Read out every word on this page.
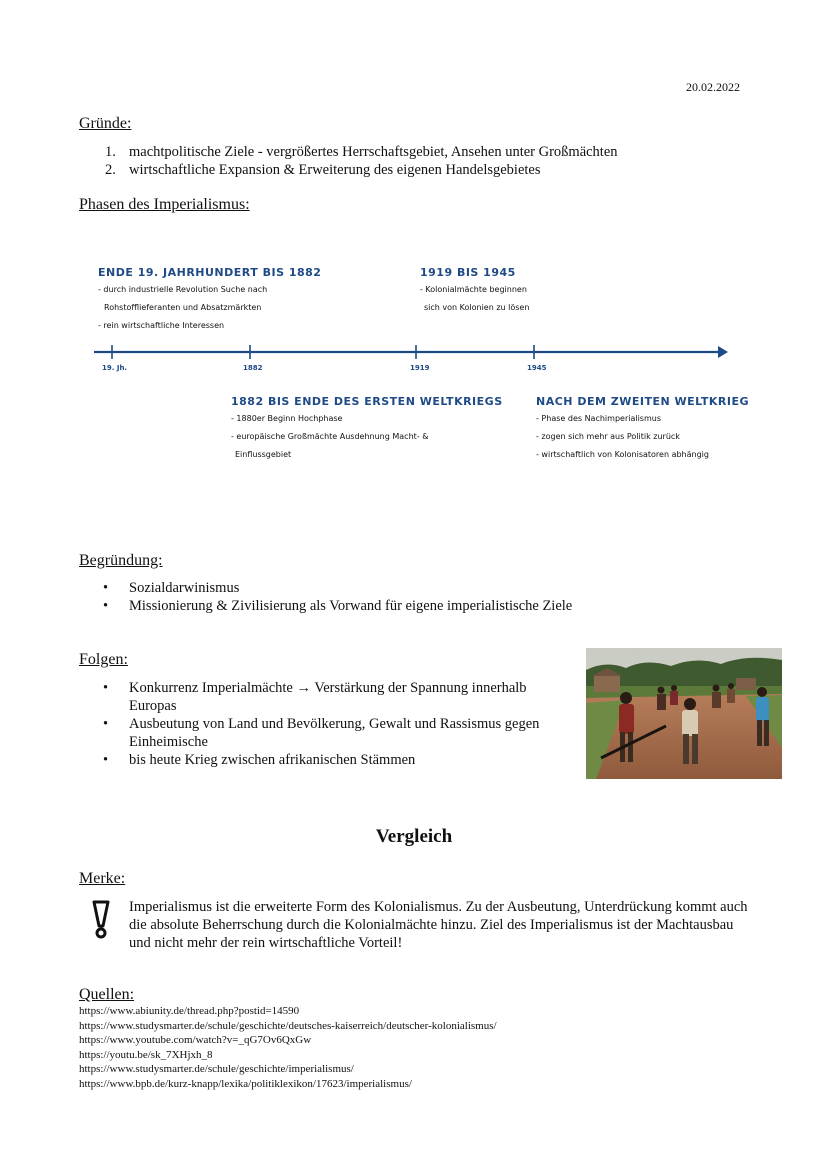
20.02.2022
Gründe:
1. machtpolitische Ziele - vergrößertes Herrschaftsgebiet, Ansehen unter Großmächten
2. wirtschaftliche Expansion & Erweiterung des eigenen Handelsgebietes
Phasen des Imperialismus:
ENDE 19. JAHRHUNDERT BIS 1882
- durch industrielle Revolution Suche nach
Rohstofflieferanten und Absatzmärkten
- rein wirtschaftliche Interessen
1919 BIS 1945
- Kolonialmächte beginnen
sich von Kolonien zu lösen
19. Jh.	1882	1919	1945
1882 BIS ENDE DES ERSTEN WELTKRIEGS
- 1880er Beginn Hochphase
- europäische Großmächte Ausdehnung Macht- &
Einflussgebiet
NACH DEM ZWEITEN WELTKRIEG
- Phase des Nachimperialismus
- zogen sich mehr aus Politik zurück
- wirtschaftlich von Kolonisatoren abhängig
Begründung:
• Sozialdarwinismus
• Missionierung & Zivilisierung als Vorwand für eigene imperialistische Ziele
Folgen:
• Konkurrenz Imperialmächte → Verstärkung der Spannung innerhalb Europas
• Ausbeutung von Land und Bevölkerung, Gewalt und Rassismus gegen Einheimische
• bis heute Krieg zwischen afrikanischen Stämmen
Vergleich
Merke:
Imperialismus ist die erweiterte Form des Kolonialismus. Zu der Ausbeutung, Unterdrückung kommt auch die absolute Beherrschung durch die Kolonialmächte hinzu. Ziel des Imperialismus ist der Machtausbau und nicht mehr der rein wirtschaftliche Vorteil!
Quellen:
https://www.abiunity.de/thread.php?postid=14590
https://www.studysmarter.de/schule/geschichte/deutsches-kaiserreich/deutscher-kolonialismus/
https://www.youtube.com/watch?v=_qG7Ov6QxGw
https://youtu.be/sk_7XHjxh_8
https://www.studysmarter.de/schule/geschichte/imperialismus/
https://www.bpb.de/kurz-knapp/lexika/politiklexikon/17623/imperialismus/
